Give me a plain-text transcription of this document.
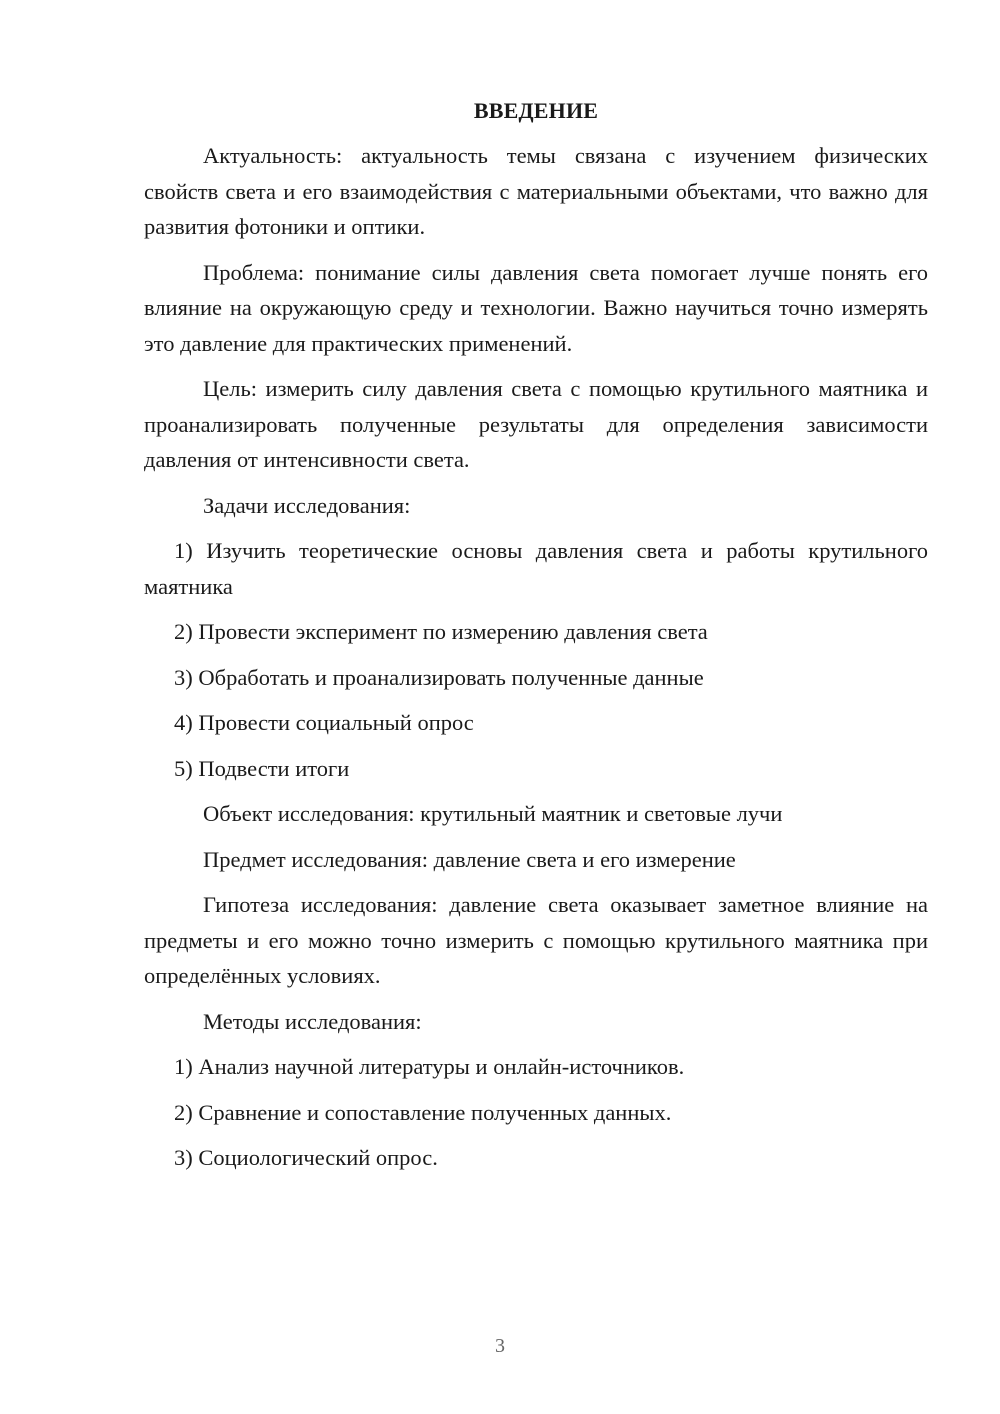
ВВЕДЕНИЕ

Актуальность: актуальность темы связана с изучением физических свойств света и его взаимодействия с материальными объектами, что важно для развития фотоники и оптики.

Проблема: понимание силы давления света помогает лучше понять его влияние на окружающую среду и технологии. Важно научиться точно измерять это давление для практических применений.

Цель: измерить силу давления света с помощью крутильного маятника и проанализировать полученные результаты для определения зависимости давления от интенсивности света.

Задачи исследования:

1) Изучить теоретические основы давления света и работы крутильного маятника

2) Провести эксперимент по измерению давления света

3) Обработать и проанализировать полученные данные

4) Провести социальный опрос

5) Подвести итоги

Объект исследования: крутильный маятник и световые лучи

Предмет исследования: давление света и его измерение

Гипотеза исследования: давление света оказывает заметное влияние на предметы и его можно точно измерить с помощью крутильного маятника при определённых условиях.

Методы исследования:

1) Анализ научной литературы и онлайн-источников.

2) Сравнение и сопоставление полученных данных.

3) Социологический опрос.

3
